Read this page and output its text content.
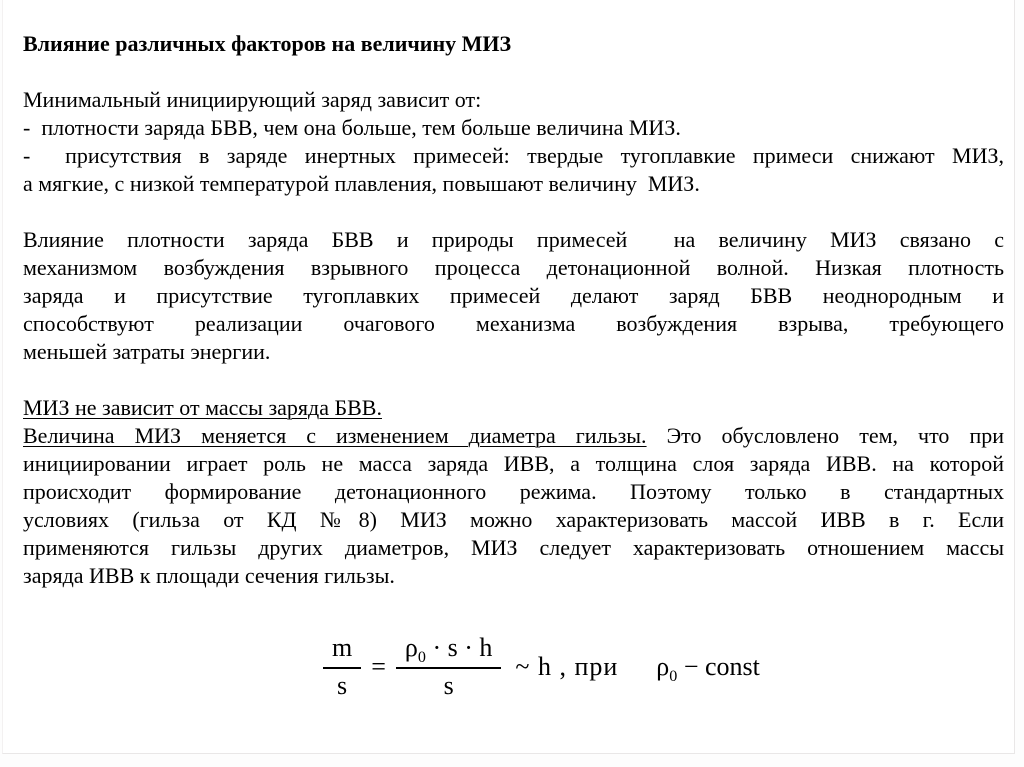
Влияние различных факторов на величину МИЗ
Минимальный инициирующий заряд зависит от:
-  плотности заряда БВВ, чем она больше, тем больше величина МИЗ.
-  присутствия в заряде инертных примесей: твердые тугоплавкие примеси снижают МИЗ,
а мягкие, с низкой температурой плавления, повышают величину  МИЗ.
Влияние плотности заряда БВВ и природы примесей  на величину МИЗ связано с
механизмом возбуждения взрывного процесса детонационной волной. Низкая плотность
заряда и присутствие тугоплавких примесей делают заряд БВВ неоднородным и
способствуют реализации очагового механизма возбуждения взрыва, требующего
меньшей затраты энергии.
МИЗ не зависит от массы заряда БВВ.
Величина МИЗ меняется с изменением диаметра гильзы. Это обусловлено тем, что при
инициировании играет роль не масса заряда ИВВ, а толщина слоя заряда ИВВ. на которой
происходит формирование детонационного режима. Поэтому только в стандартных
условиях (гильза от КД №8) МИЗ можно характеризовать массой ИВВ в г. Если
применяются гильзы других диаметров, МИЗ следует характеризовать отношением массы
заряда ИВВ к площади сечения гильзы.
$\frac{m}{s} = \frac{\rho_0 \cdot s \cdot h}{s}$ ~ h , при $\rho_0$ − const
